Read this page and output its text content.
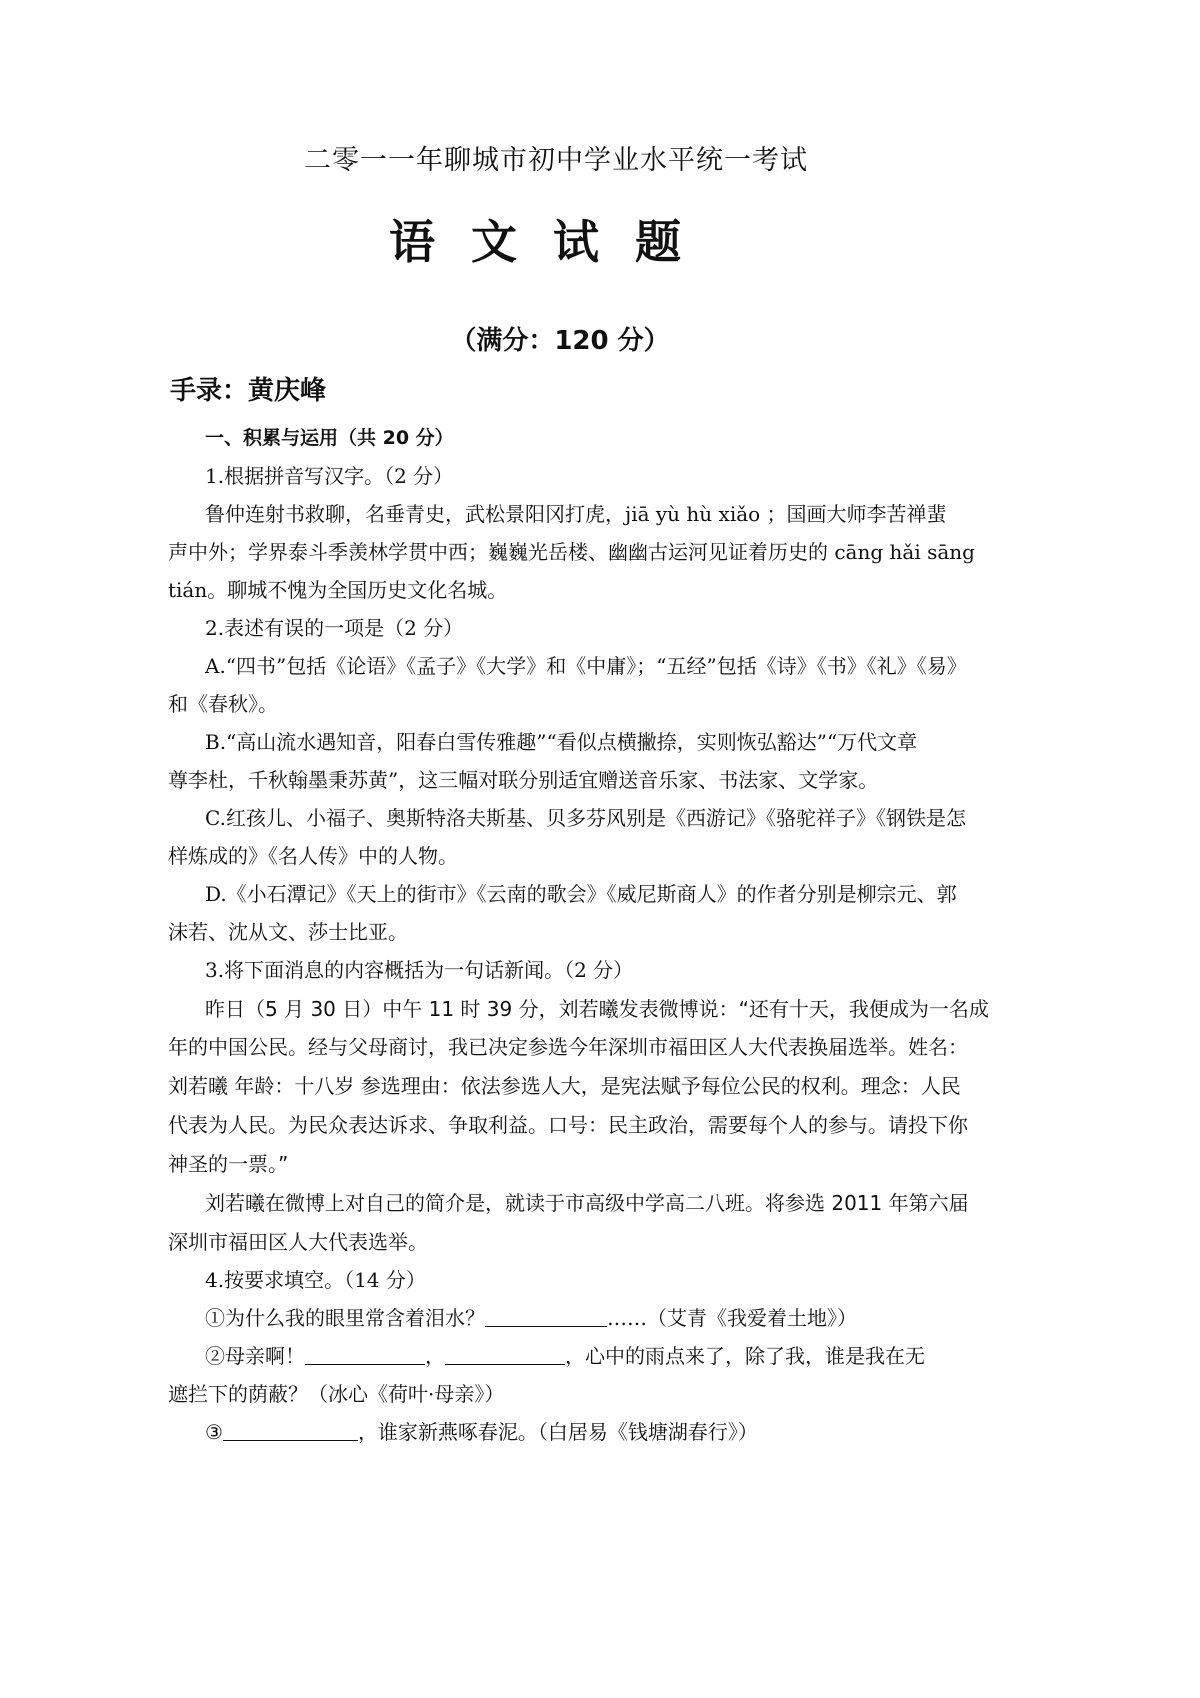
二零一一年聊城市初中学业水平统一考试
语 文 试 题
（满分：120 分）
手录：黄庆峰
一、积累与运用（共 20 分）
1.根据拼音写汉字。（2 分）
鲁仲连射书救聊，名垂青史，武松景阳冈打虎，jiā yù hù xiǎo ；国画大师李苦禅蜚
声中外；学界泰斗季羡林学贯中西；巍巍光岳楼、幽幽古运河见证着历史的 cāng hǎi sāng
tián。聊城不愧为全国历史文化名城。
2.表述有误的一项是（2 分）
A.“四书”包括《论语》《孟子》《大学》和《中庸》；“五经”包括《诗》《书》《礼》《易》
和《春秋》。
B.“高山流水遇知音，阳春白雪传雅趣”“看似点横撇捺，实则恢弘豁达”“万代文章
尊李杜，千秋翰墨秉苏黄”，这三幅对联分别适宜赠送音乐家、书法家、文学家。
C.红孩儿、小福子、奥斯特洛夫斯基、贝多芬风别是《西游记》《骆驼祥子》《钢铁是怎
样炼成的》《名人传》中的人物。
D.《小石潭记》《天上的街市》《云南的歌会》《威尼斯商人》的作者分别是柳宗元、郭
沫若、沈从文、莎士比亚。
3.将下面消息的内容概括为一句话新闻。（2 分）
昨日（5 月 30 日）中午 11 时 39 分，刘若曦发表微博说：“还有十天，我便成为一名成
年的中国公民。经与父母商讨，我已决定参选今年深圳市福田区人大代表换届选举。姓名：
刘若曦 年龄：十八岁 参选理由：依法参选人大，是宪法赋予每位公民的权利。理念：人民
代表为人民。为民众表达诉求、争取利益。口号：民主政治，需要每个人的参与。请投下你
神圣的一票。”
刘若曦在微博上对自己的简介是，就读于市高级中学高二八班。将参选 2011 年第六届
深圳市福田区人大代表选举。
4.按要求填空。（14 分）
①为什么我的眼里常含着泪水？	……（艾青《我爱着土地》）
②母亲啊！	，	，心中的雨点来了，除了我，谁是我在无
遮拦下的荫蔽？（冰心《荷叶·母亲》）
③	，谁家新燕啄春泥。（白居易《钱塘湖春行》）
